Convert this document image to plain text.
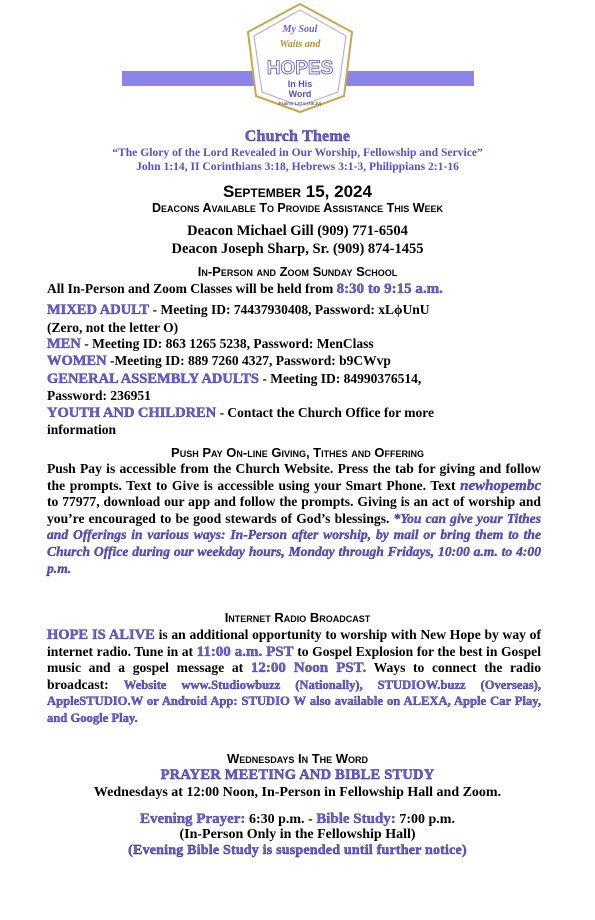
My Soul
Waits and
HOPES
In His
Word
Psalms 130:5 (NKJV)
Church Theme
“The Glory of the Lord Revealed in Our Worship, Fellowship and Service”
John 1:14, II Corinthians 3:18, Hebrews 3:1-3, Philippians 2:1-16
September 15, 2024
Deacons Available To Provide Assistance This Week
Deacon Michael Gill (909) 771-6504
Deacon Joseph Sharp, Sr. (909) 874-1455
In-Person and Zoom Sunday School
All In-Person and Zoom Classes will be held from 8:30 to 9:15 a.m.
MIXED ADULT - Meeting ID: 74437930408, Password: xLϕUnU
(Zero, not the letter O)
MEN - Meeting ID: 863 1265 5238, Password: MenClass
WOMEN -Meeting ID: 889 7260 4327, Password: b9CWvp
GENERAL ASSEMBLY ADULTS - Meeting ID: 84990376514,
Password: 236951
YOUTH AND CHILDREN - Contact the Church Office for more
information
Push Pay On-line Giving, Tithes and Offering
Push Pay is accessible from the Church Website. Press the tab for giving and follow the prompts. Text to Give is accessible using your Smart Phone. Text newhopembc to 77977, download our app and follow the prompts. Giving is an act of worship and you’re encouraged to be good stewards of God’s blessings. *You can give your Tithes and Offerings in various ways: In-Person after worship, by mail or bring them to the Church Office during our weekday hours, Monday through Fridays, 10:00 a.m. to 4:00 p.m.
Internet Radio Broadcast
HOPE IS ALIVE is an additional opportunity to worship with New Hope by way of internet radio. Tune in at 11:00 a.m. PST to Gospel Explosion for the best in Gospel music and a gospel message at 12:00 Noon PST. Ways to connect the radio broadcast: Website www.Studiowbuzz (Nationally), STUDIOW.buzz (Overseas), AppleSTUDIO.W or Android App: STUDIO W also available on ALEXA, Apple Car Play, and Google Play.
Wednesdays In The Word
PRAYER MEETING AND BIBLE STUDY
Wednesdays at 12:00 Noon, In-Person in Fellowship Hall and Zoom.
Evening Prayer: 6:30 p.m. - Bible Study: 7:00 p.m.
(In-Person Only in the Fellowship Hall)
(Evening Bible Study is suspended until further notice)
